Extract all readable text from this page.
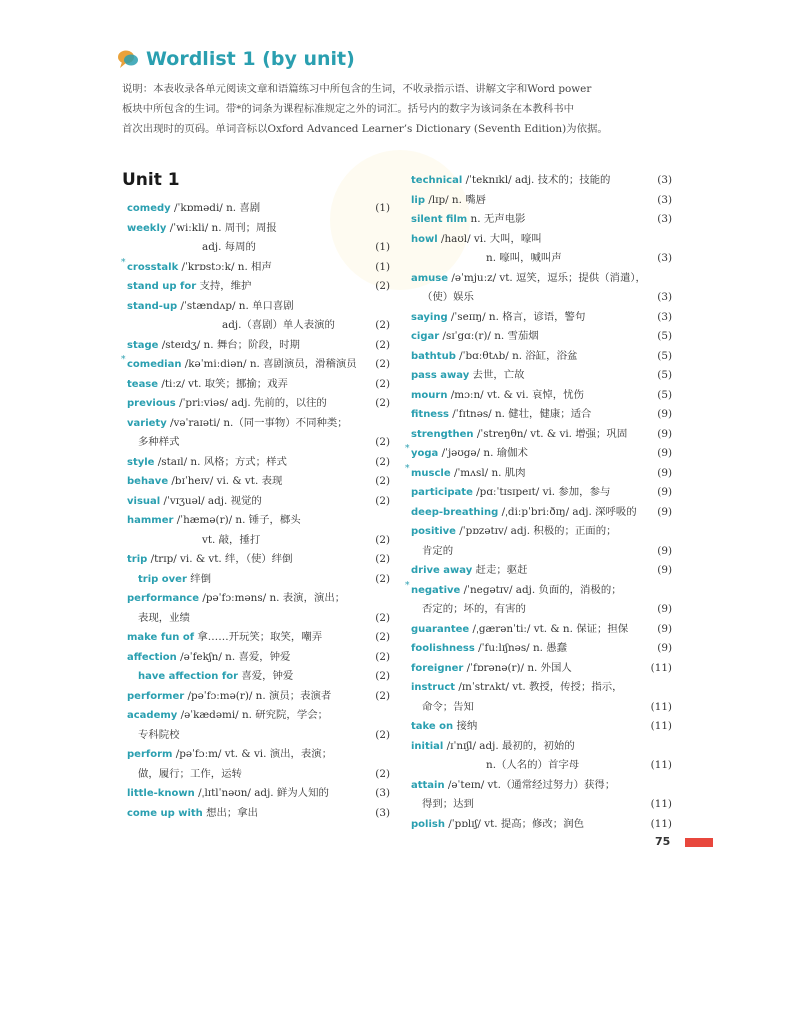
Wordlist 1 (by unit)
说明：本表收录各单元阅读文章和语篇练习中所包含的生词，不收录指示语、讲解文字和Word power
板块中所包含的生词。带*的词条为课程标准规定之外的词汇。括号内的数字为该词条在本教科书中
首次出现时的页码。单词音标以Oxford Advanced Learner’s Dictionary (Seventh Edition)为依据。
Unit 1
comedy /ˈkɒmədi/ n. 喜剧	(1)
weekly /ˈwiːkli/ n. 周刊；周报
adj. 每周的	(1)
* crosstalk /ˈkrɒstɔːk/ n. 相声	(1)
stand up for 支持，维护	(2)
stand-up /ˈstændʌp/ n. 单口喜剧
adj.（喜剧）单人表演的	(2)
stage /steɪdʒ/ n. 舞台；阶段，时期	(2)
* comedian /kəˈmiːdiən/ n. 喜剧演员，滑稽演员 (2)
tease /tiːz/ vt. 取笑；挪揄；戏弄	(2)
previous /ˈpriːviəs/ adj. 先前的，以往的	(2)
variety /vəˈraɪəti/ n.（同一事物）不同种类；
多种样式	(2)
style /staɪl/ n. 风格；方式；样式	(2)
behave /bɪˈheɪv/ vi. & vt. 表现	(2)
visual /ˈvɪʒuəl/ adj. 视觉的	(2)
hammer /ˈhæmə(r)/ n. 锤子，榔头
vt. 敲，捶打	(2)
trip /trɪp/ vi. & vt. 绊，（使）绊倒	(2)
trip over 绊倒	(2)
performance /pəˈfɔːməns/ n. 表演，演出；
表现，业绩	(2)
make fun of 拿……开玩笑；取笑，嘲弄	(2)
affection /əˈfekʃn/ n. 喜爱，钟爱	(2)
have affection for 喜爱，钟爱	(2)
performer /pəˈfɔːmə(r)/ n. 演员；表演者	(2)
academy /əˈkædəmi/ n. 研究院，学会；
专科院校	(2)
perform /pəˈfɔːm/ vt. & vi. 演出，表演；
做，履行；工作，运转	(2)
little-known /ˌlɪtlˈnəʊn/ adj. 鲜为人知的	(3)
come up with 想出；拿出	(3)
technical /ˈteknɪkl/ adj. 技术的；技能的	(3)
lip /lɪp/ n. 嘴唇	(3)
silent film n. 无声电影	(3)
howl /haʊl/ vi. 大叫，嚎叫
n. 嚎叫，喊叫声	(3)
amuse /əˈmjuːz/ vt. 逗笑，逗乐；提供（消遣），
（使）娱乐	(3)
saying /ˈseɪɪŋ/ n. 格言，谚语，警句	(3)
cigar /sɪˈgɑː(r)/ n. 雪茄烟	(5)
bathtub /ˈbɑːθtʌb/ n. 浴缸，浴盆	(5)
pass away 去世，亡故	(5)
mourn /mɔːn/ vt. & vi. 哀悼，忧伤	(5)
fitness /ˈfɪtnəs/ n. 健壮，健康；适合	(9)
strengthen /ˈstreŋθn/ vt. & vi. 增强；巩固	(9)
* yoga /ˈjəʊgə/ n. 瑜伽术	(9)
* muscle /ˈmʌsl/ n. 肌肉	(9)
participate /pɑːˈtɪsɪpeɪt/ vi. 参加，参与	(9)
deep-breathing /ˌdiːpˈbriːðɪŋ/ adj. 深呼吸的 (9)
positive /ˈpɒzətɪv/ adj. 积极的；正面的；
肯定的	(9)
drive away 赶走；驱赶	(9)
* negative /ˈnegətɪv/ adj. 负面的，消极的；
否定的；坏的，有害的	(9)
guarantee /ˌgærənˈtiː/ vt. & n. 保证；担保	(9)
foolishness /ˈfuːlɪʃnəs/ n. 愚蠢	(9)
foreigner /ˈfɒrənə(r)/ n. 外国人	(11)
instruct /ɪnˈstrʌkt/ vt. 教授，传授；指示，
命令；告知	(11)
take on 接纳	(11)
initial /ɪˈnɪʃl/ adj. 最初的，初始的
n.（人名的）首字母	(11)
attain /əˈteɪn/ vt.（通常经过努力）获得；
得到；达到	(11)
polish /ˈpɒlɪʃ/ vt. 提高；修改；润色	(11)
75
